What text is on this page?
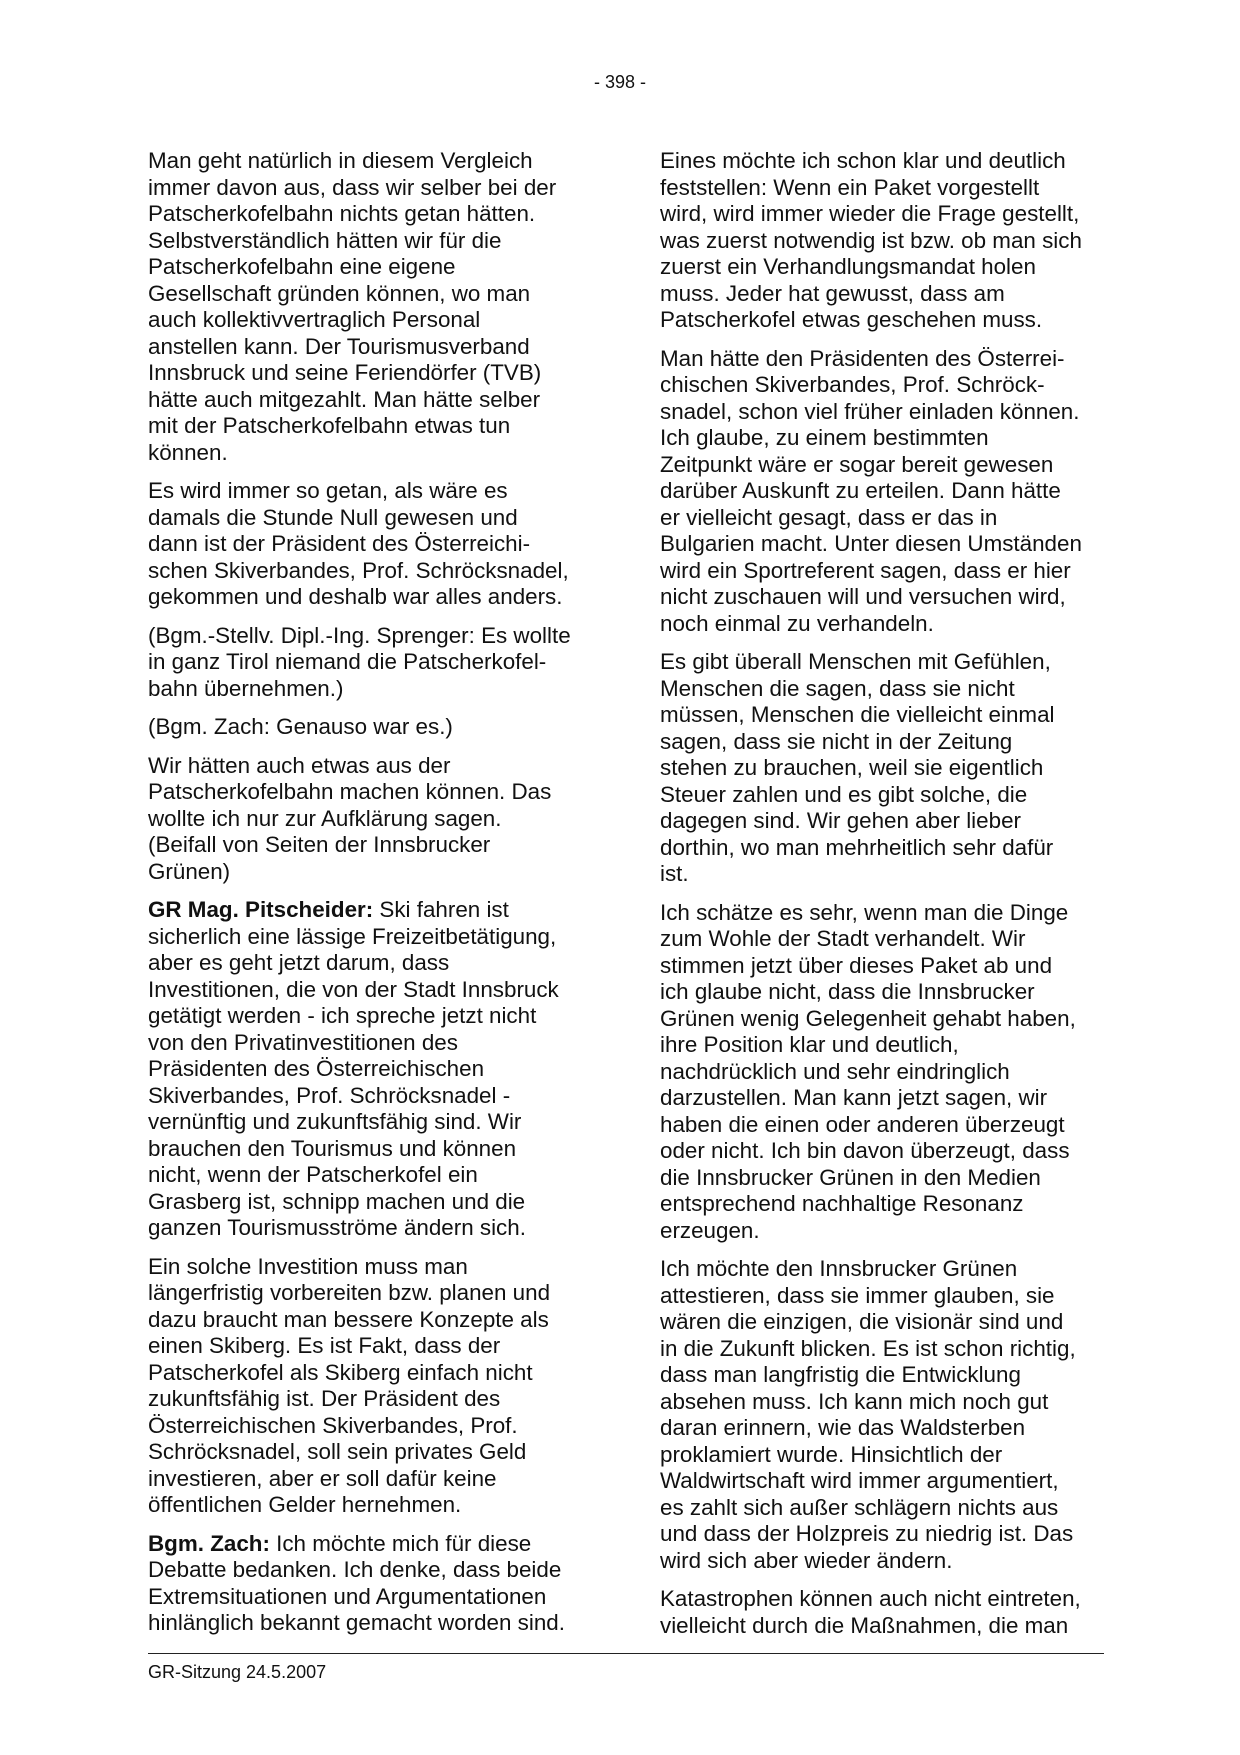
- 398 -

Man geht natürlich in diesem Vergleich
immer davon aus, dass wir selber bei der
Patscherkofelbahn nichts getan hätten.
Selbstverständlich hätten wir für die
Patscherkofelbahn eine eigene
Gesellschaft gründen können, wo man
auch kollektivvertraglich Personal
anstellen kann. Der Tourismusverband
Innsbruck und seine Feriendörfer (TVB)
hätte auch mitgezahlt. Man hätte selber
mit der Patscherkofelbahn etwas tun
können.

Es wird immer so getan, als wäre es
damals die Stunde Null gewesen und
dann ist der Präsident des Österreichi-
schen Skiverbandes, Prof. Schröcksnadel,
gekommen und deshalb war alles anders.

(Bgm.-Stellv. Dipl.-Ing. Sprenger: Es wollte
in ganz Tirol niemand die Patscherkofel-
bahn übernehmen.)

(Bgm. Zach: Genauso war es.)

Wir hätten auch etwas aus der
Patscherkofelbahn machen können. Das
wollte ich nur zur Aufklärung sagen.
(Beifall von Seiten der Innsbrucker
Grünen)

GR Mag. Pitscheider: Ski fahren ist
sicherlich eine lässige Freizeitbetätigung,
aber es geht jetzt darum, dass
Investitionen, die von der Stadt Innsbruck
getätigt werden - ich spreche jetzt nicht
von den Privatinvestitionen des
Präsidenten des Österreichischen
Skiverbandes, Prof. Schröcksnadel -
vernünftig und zukunftsfähig sind. Wir
brauchen den Tourismus und können
nicht, wenn der Patscherkofel ein
Grasberg ist, schnipp machen und die
ganzen Tourismusströme ändern sich.

Ein solche Investition muss man
längerfristig vorbereiten bzw. planen und
dazu braucht man bessere Konzepte als
einen Skiberg. Es ist Fakt, dass der
Patscherkofel als Skiberg einfach nicht
zukunftsfähig ist. Der Präsident des
Österreichischen Skiverbandes, Prof.
Schröcksnadel, soll sein privates Geld
investieren, aber er soll dafür keine
öffentlichen Gelder hernehmen.

Bgm. Zach: Ich möchte mich für diese
Debatte bedanken. Ich denke, dass beide
Extremsituationen und Argumentationen
hinlänglich bekannt gemacht worden sind.

Eines möchte ich schon klar und deutlich
feststellen: Wenn ein Paket vorgestellt
wird, wird immer wieder die Frage gestellt,
was zuerst notwendig ist bzw. ob man sich
zuerst ein Verhandlungsmandat holen
muss. Jeder hat gewusst, dass am
Patscherkofel etwas geschehen muss.

Man hätte den Präsidenten des Österrei-
chischen Skiverbandes, Prof. Schröck-
snadel, schon viel früher einladen können.
Ich glaube, zu einem bestimmten
Zeitpunkt wäre er sogar bereit gewesen
darüber Auskunft zu erteilen. Dann hätte
er vielleicht gesagt, dass er das in
Bulgarien macht. Unter diesen Umständen
wird ein Sportreferent sagen, dass er hier
nicht zuschauen will und versuchen wird,
noch einmal zu verhandeln.

Es gibt überall Menschen mit Gefühlen,
Menschen die sagen, dass sie nicht
müssen, Menschen die vielleicht einmal
sagen, dass sie nicht in der Zeitung
stehen zu brauchen, weil sie eigentlich
Steuer zahlen und es gibt solche, die
dagegen sind. Wir gehen aber lieber
dorthin, wo man mehrheitlich sehr dafür
ist.

Ich schätze es sehr, wenn man die Dinge
zum Wohle der Stadt verhandelt. Wir
stimmen jetzt über dieses Paket ab und
ich glaube nicht, dass die Innsbrucker
Grünen wenig Gelegenheit gehabt haben,
ihre Position klar und deutlich,
nachdrücklich und sehr eindringlich
darzustellen. Man kann jetzt sagen, wir
haben die einen oder anderen überzeugt
oder nicht. Ich bin davon überzeugt, dass
die Innsbrucker Grünen in den Medien
entsprechend nachhaltige Resonanz
erzeugen.

Ich möchte den Innsbrucker Grünen
attestieren, dass sie immer glauben, sie
wären die einzigen, die visionär sind und
in die Zukunft blicken. Es ist schon richtig,
dass man langfristig die Entwicklung
absehen muss. Ich kann mich noch gut
daran erinnern, wie das Waldsterben
proklamiert wurde. Hinsichtlich der
Waldwirtschaft wird immer argumentiert,
es zahlt sich außer schlägern nichts aus
und dass der Holzpreis zu niedrig ist. Das
wird sich aber wieder ändern.

Katastrophen können auch nicht eintreten,
vielleicht durch die Maßnahmen, die man

GR-Sitzung 24.5.2007
